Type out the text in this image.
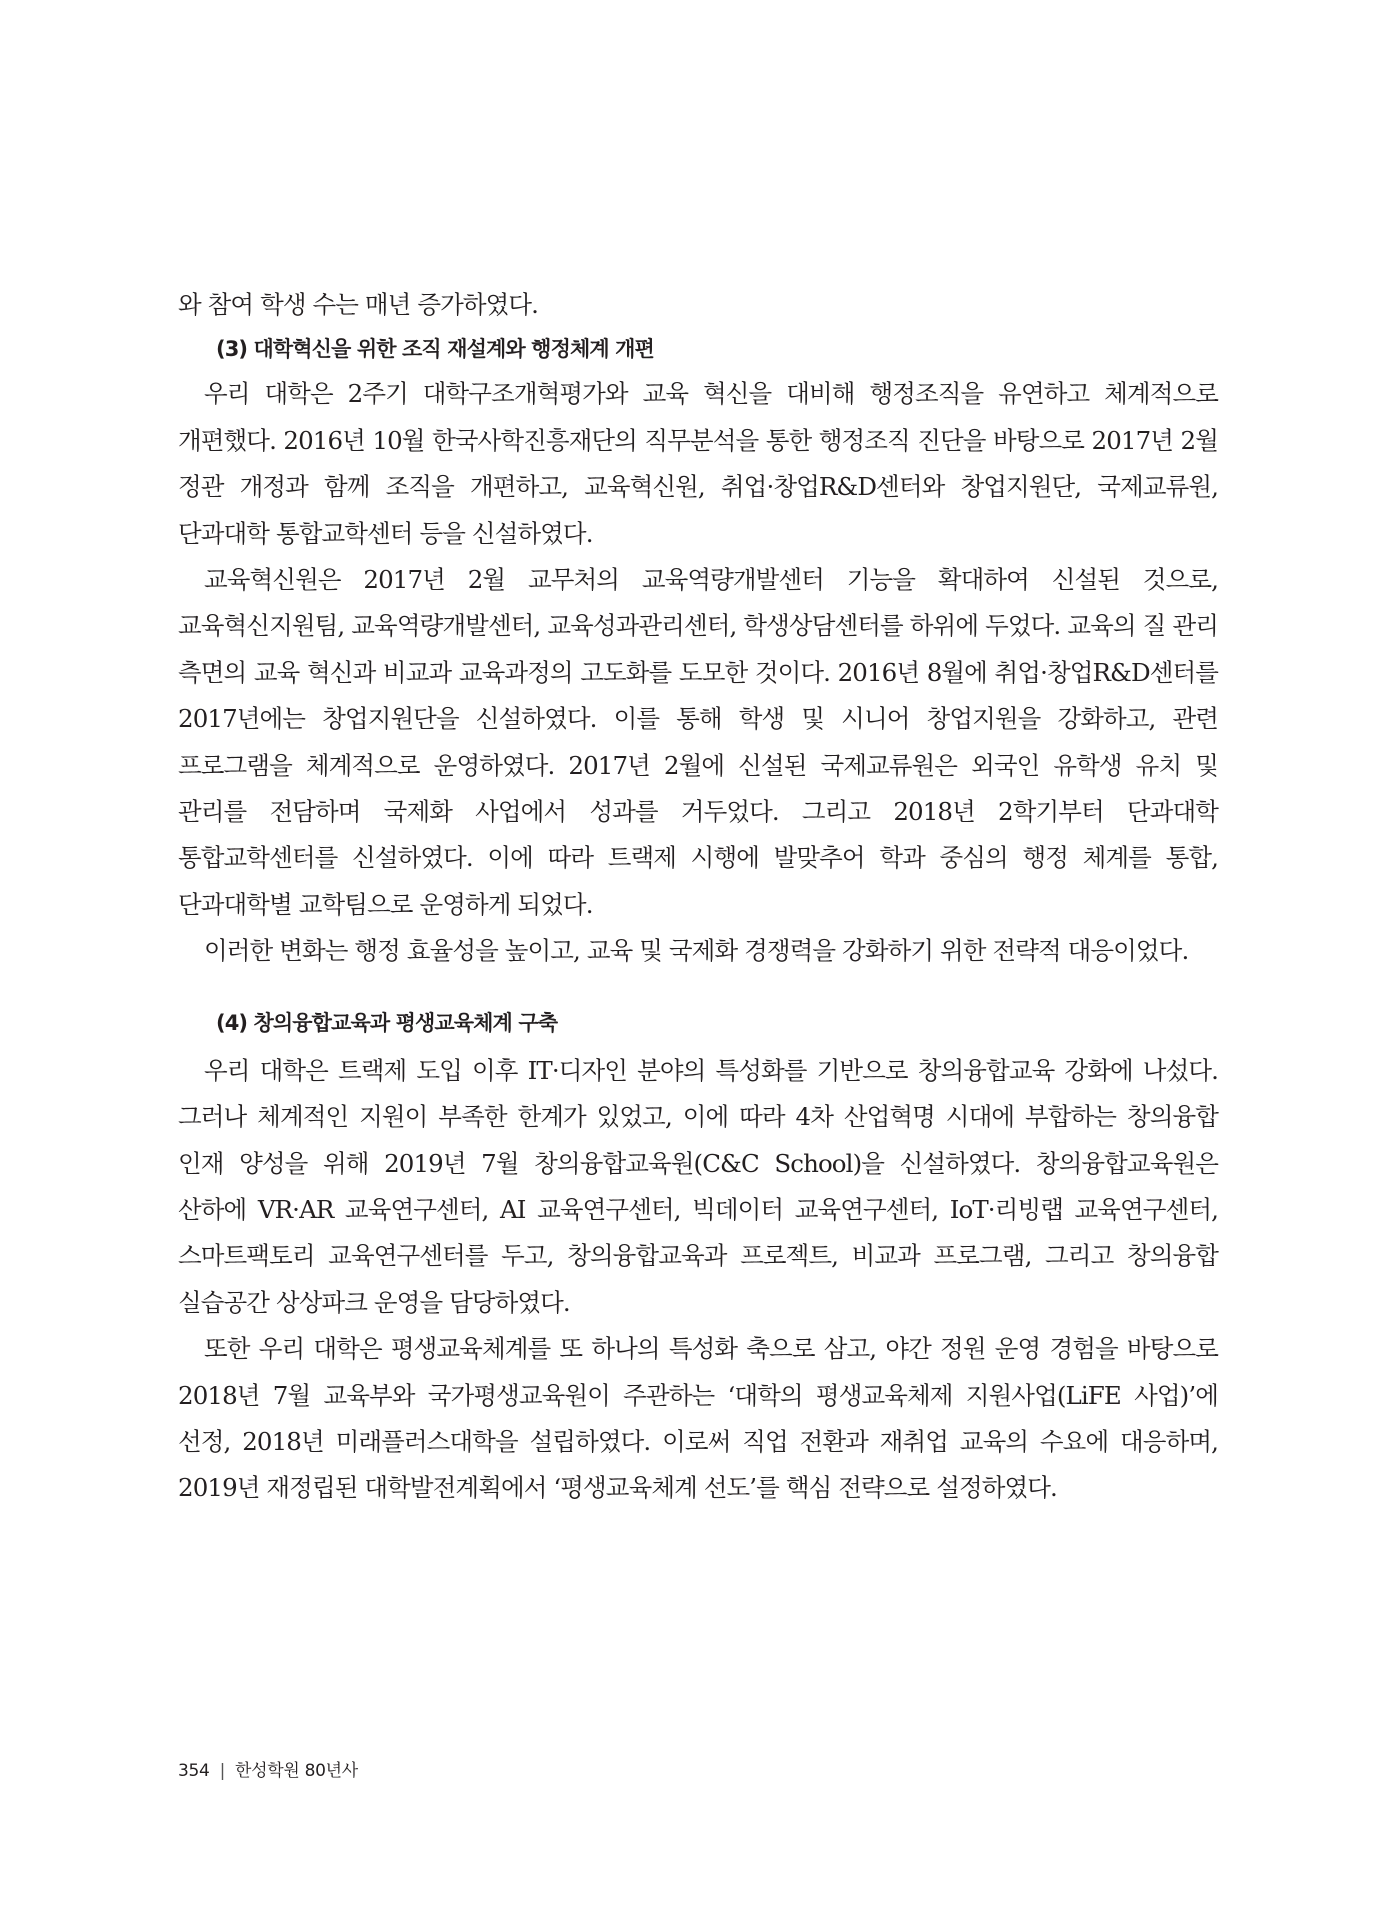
와 참여 학생 수는 매년 증가하였다.

(3) 대학혁신을 위한 조직 재설계와 행정체계 개편

우리 대학은 2주기 대학구조개혁평가와 교육 혁신을 대비해 행정조직을 유연하고 체계적으로 개편했다. 2016년 10월 한국사학진흥재단의 직무분석을 통한 행정조직 진단을 바탕으로 2017년 2월 정관 개정과 함께 조직을 개편하고, 교육혁신원, 취업·창업R&D센터와 창업지원단, 국제교류원, 단과대학 통합교학센터 등을 신설하였다.

교육혁신원은 2017년 2월 교무처의 교육역량개발센터 기능을 확대하여 신설된 것으로, 교육혁신지원팀, 교육역량개발센터, 교육성과관리센터, 학생상담센터를 하위에 두었다. 교육의 질 관리 측면의 교육 혁신과 비교과 교육과정의 고도화를 도모한 것이다. 2016년 8월에 취업·창업R&D센터를 2017년에는 창업지원단을 신설하였다. 이를 통해 학생 및 시니어 창업지원을 강화하고, 관련 프로그램을 체계적으로 운영하였다. 2017년 2월에 신설된 국제교류원은 외국인 유학생 유치 및 관리를 전담하며 국제화 사업에서 성과를 거두었다. 그리고 2018년 2학기부터 단과대학 통합교학센터를 신설하였다. 이에 따라 트랙제 시행에 발맞추어 학과 중심의 행정 체계를 통합, 단과대학별 교학팀으로 운영하게 되었다.

이러한 변화는 행정 효율성을 높이고, 교육 및 국제화 경쟁력을 강화하기 위한 전략적 대응이었다.

(4) 창의융합교육과 평생교육체계 구축

우리 대학은 트랙제 도입 이후 IT·디자인 분야의 특성화를 기반으로 창의융합교육 강화에 나섰다. 그러나 체계적인 지원이 부족한 한계가 있었고, 이에 따라 4차 산업혁명 시대에 부합하는 창의융합 인재 양성을 위해 2019년 7월 창의융합교육원(C&C School)을 신설하였다. 창의융합교육원은 산하에 VR·AR 교육연구센터, AI 교육연구센터, 빅데이터 교육연구센터, IoT·리빙랩 교육연구센터, 스마트팩토리 교육연구센터를 두고, 창의융합교육과 프로젝트, 비교과 프로그램, 그리고 창의융합 실습공간 상상파크 운영을 담당하였다.

또한 우리 대학은 평생교육체계를 또 하나의 특성화 축으로 삼고, 야간 정원 운영 경험을 바탕으로 2018년 7월 교육부와 국가평생교육원이 주관하는 ‘대학의 평생교육체제 지원사업(LiFE 사업)’에 선정, 2018년 미래플러스대학을 설립하였다. 이로써 직업 전환과 재취업 교육의 수요에 대응하며, 2019년 재정립된 대학발전계획에서 ‘평생교육체계 선도’를 핵심 전략으로 설정하였다.

354 | 한성학원 80년사
